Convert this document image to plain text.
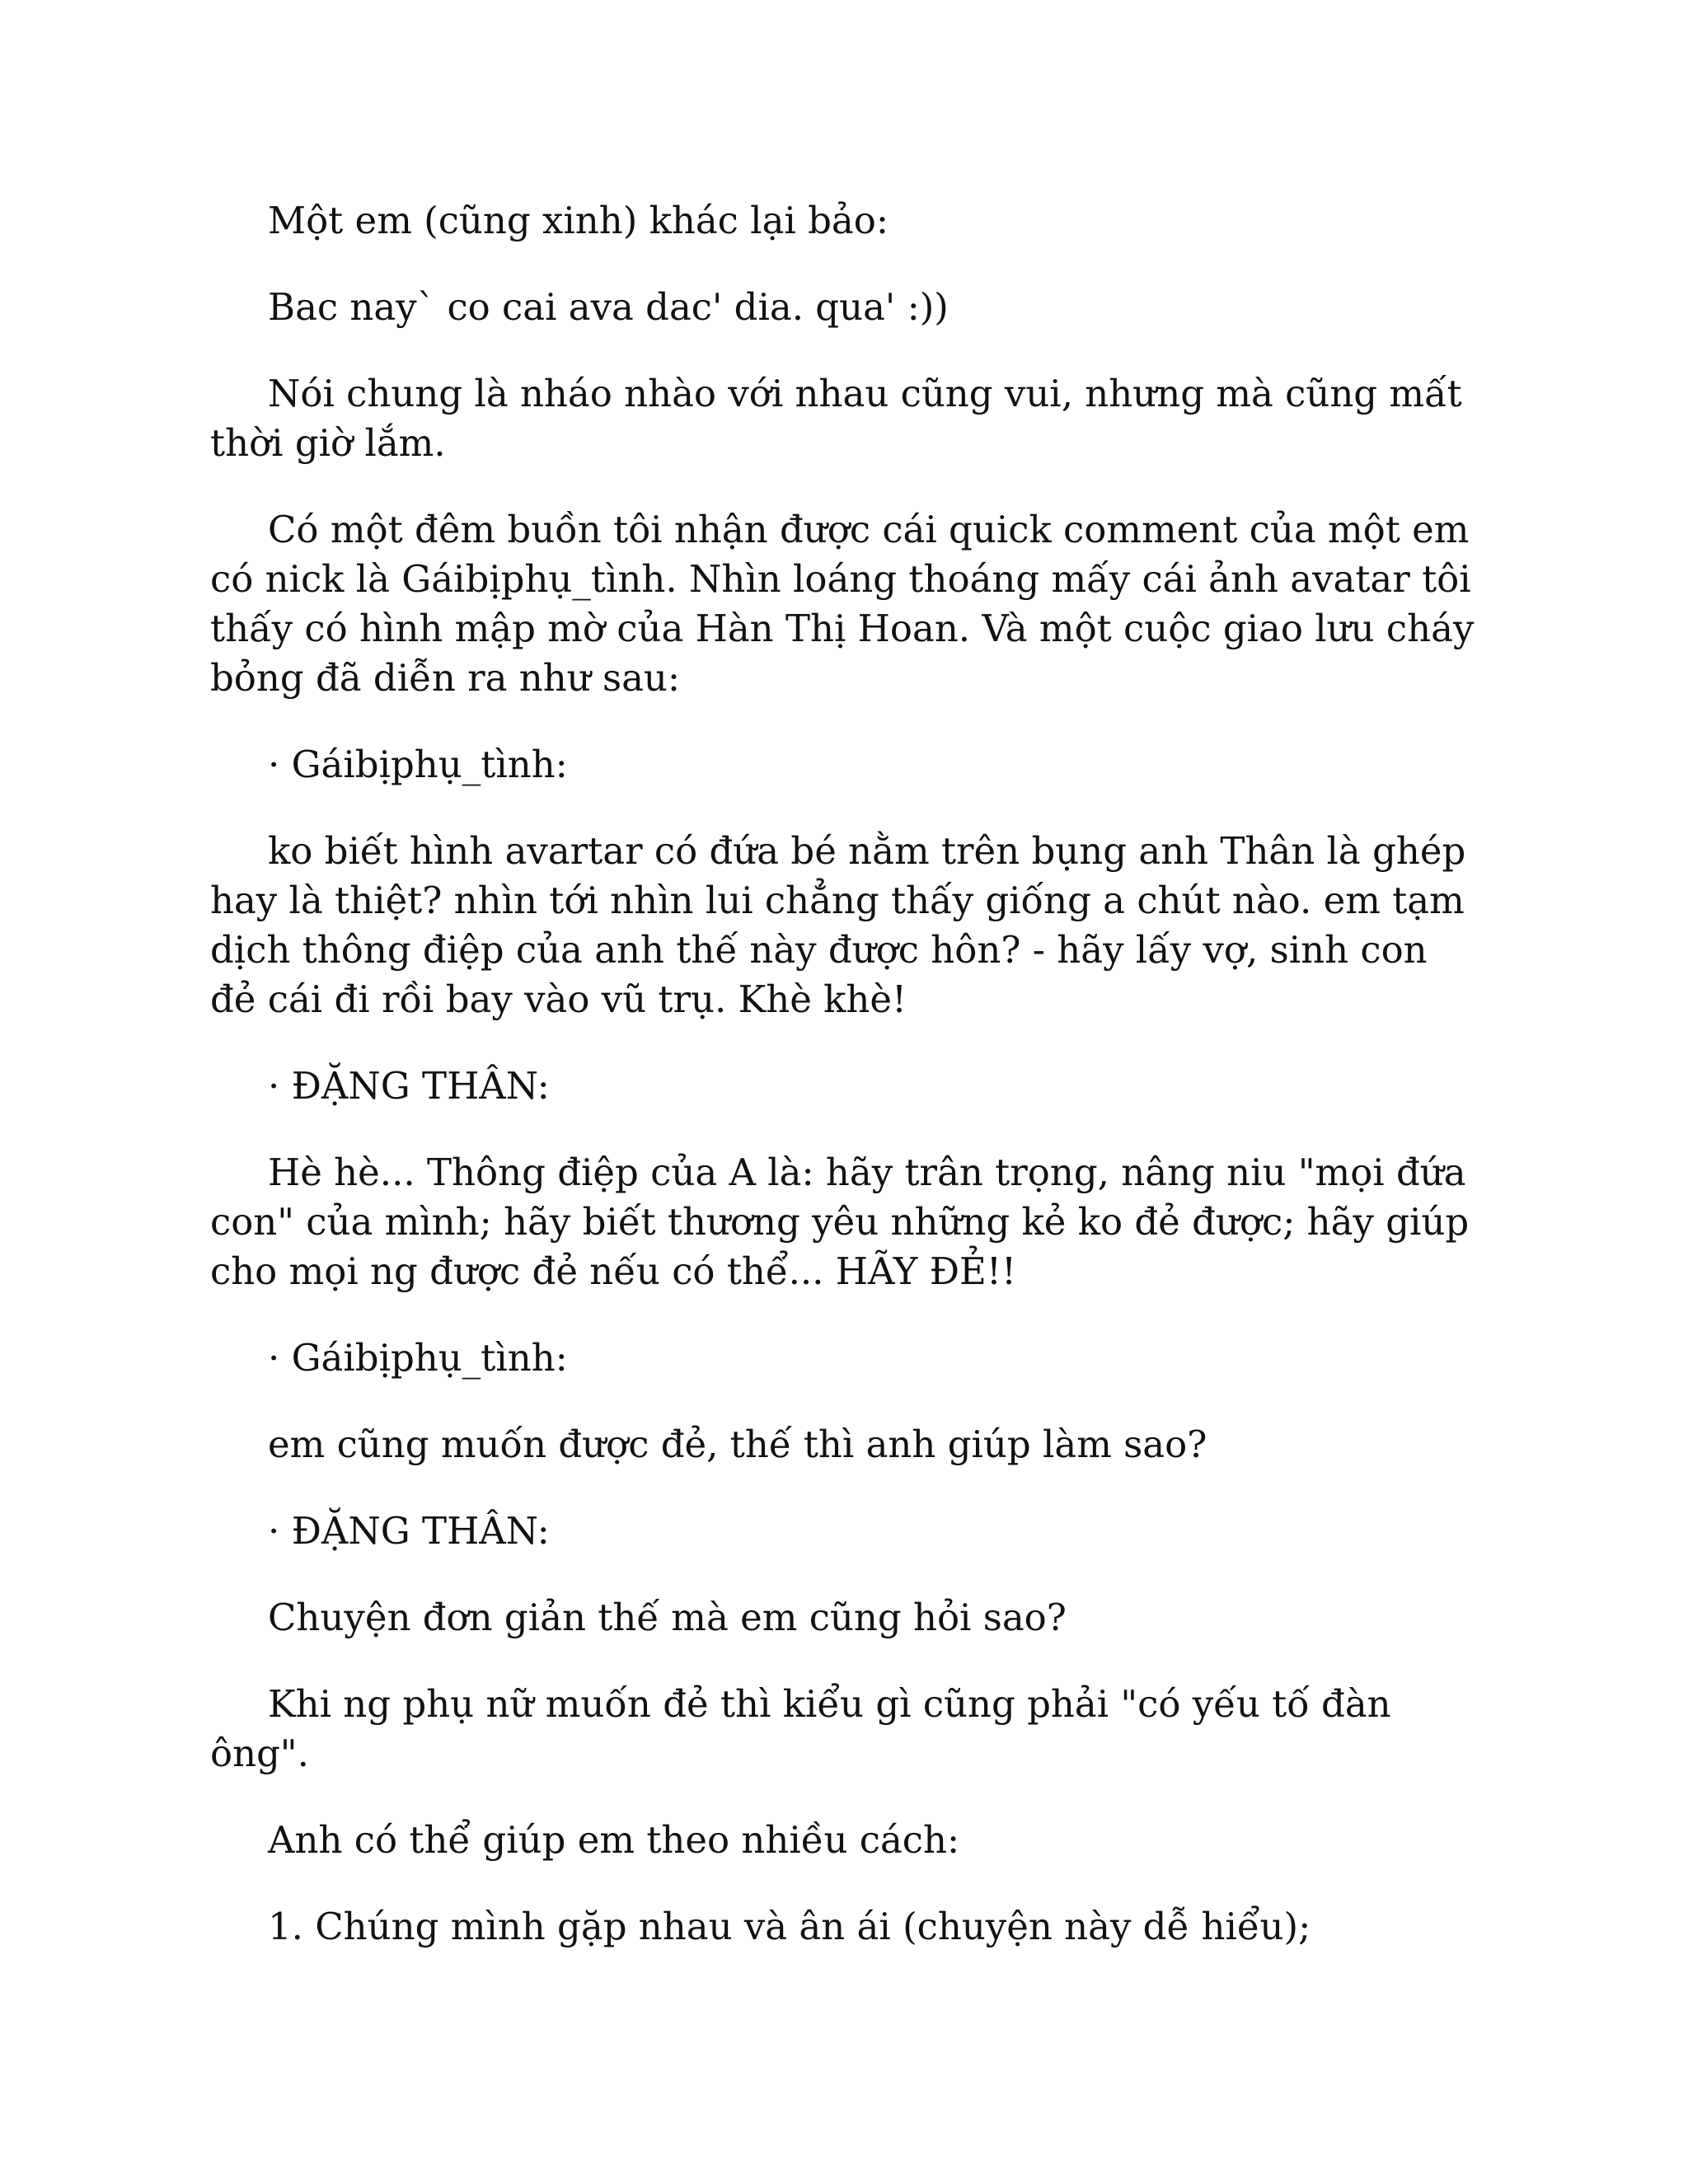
Một em (cũng xinh) khác lại bảo:

Bac nay` co cai ava dac' dia. qua' :))

Nói chung là nháo nhào với nhau cũng vui, nhưng mà cũng mất thời giờ lắm.

Có một đêm buồn tôi nhận được cái quick comment của một em có nick là Gáibịphụ_tình. Nhìn loáng thoáng mấy cái ảnh avatar tôi thấy có hình mập mờ của Hàn Thị Hoan. Và một cuộc giao lưu cháy bỏng đã diễn ra như sau:

· Gáibịphụ_tình:

ko biết hình avartar có đứa bé nằm trên bụng anh Thân là ghép hay là thiệt? nhìn tới nhìn lui chẳng thấy giống a chút nào. em tạm dịch thông điệp của anh thế này được hôn? - hãy lấy vợ, sinh con đẻ cái đi rồi bay vào vũ trụ. Khè khè!

· ĐẶNG THÂN:

Hè hè... Thông điệp của A là: hãy trân trọng, nâng niu "mọi đứa con" của mình; hãy biết thương yêu những kẻ ko đẻ được; hãy giúp cho mọi ng được đẻ nếu có thể... HÃY ĐẺ!!

· Gáibịphụ_tình:

em cũng muốn được đẻ, thế thì anh giúp làm sao?

· ĐẶNG THÂN:

Chuyện đơn giản thế mà em cũng hỏi sao?

Khi ng phụ nữ muốn đẻ thì kiểu gì cũng phải "có yếu tố đàn ông".

Anh có thể giúp em theo nhiều cách:

1. Chúng mình gặp nhau và ân ái (chuyện này dễ hiểu);
